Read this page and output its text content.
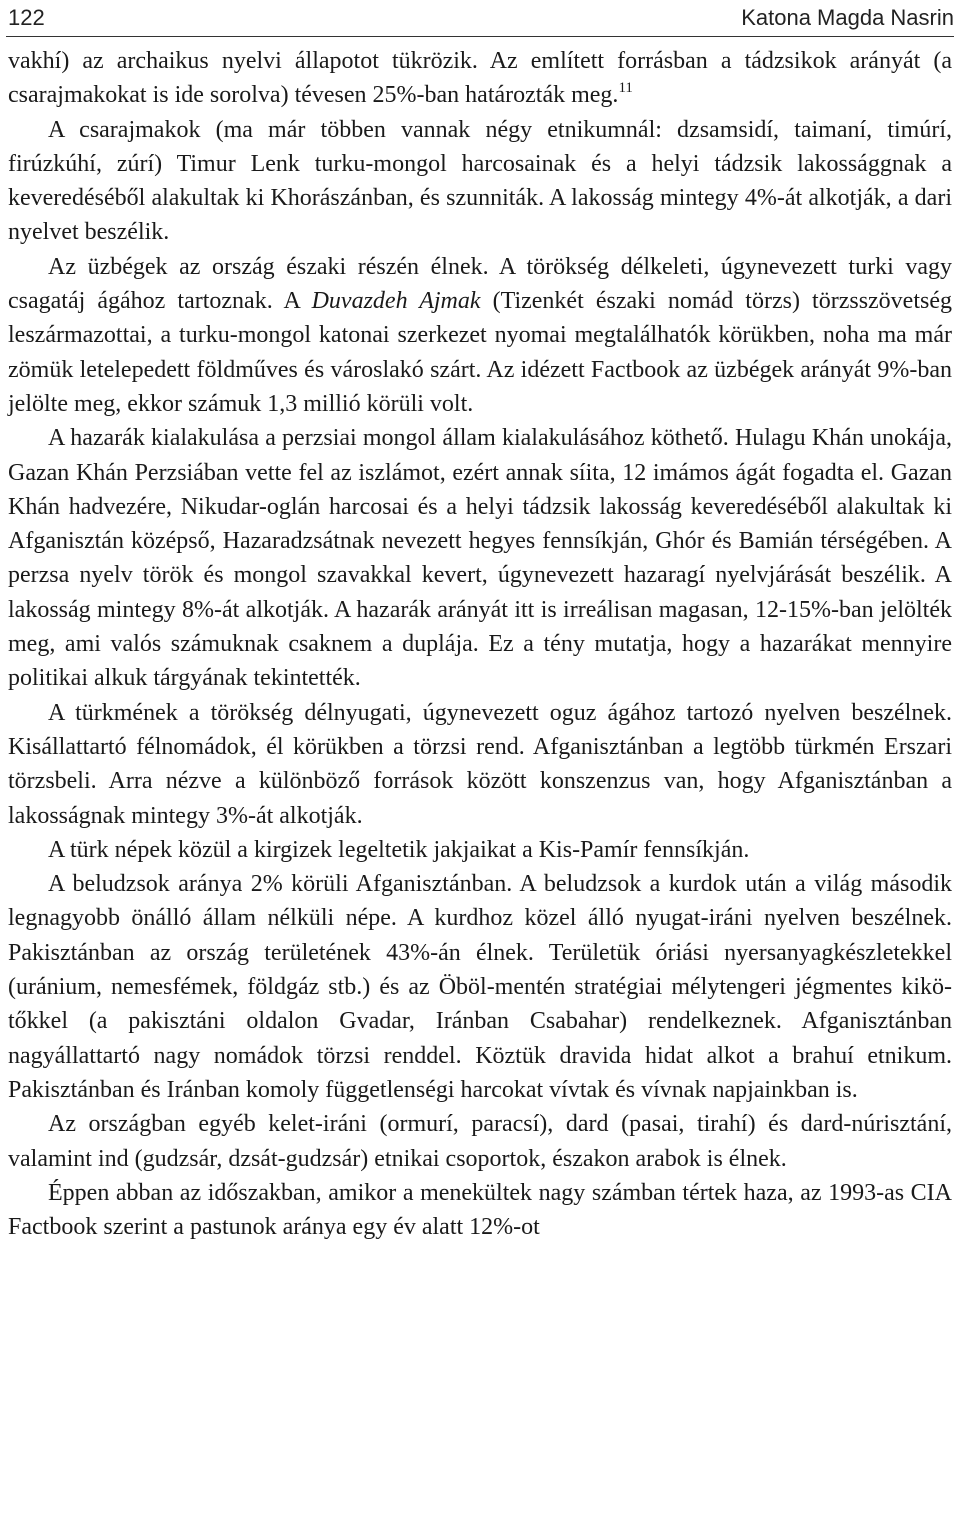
122	Katona Magda Nasrin

vakhí) az archaikus nyelvi állapotot tükrözik. Az említett forrásban a tádzsikok arányát (a csarajmakokat is ide sorolva) tévesen 25%-ban határozták meg.$^{11}$

A csarajmakok (ma már többen vannak négy etnikumnál: dzsamsidí, taimaní, timúrí, firúzkúhí, zúrí) Timur Lenk turku-mongol harcosainak és a helyi tádzsik lakossággnak a keveredéséből alakultak ki Khorászánban, és szunniták. A lakosság mintegy 4%-át alkotják, a dari nyelvet beszélik.

Az üzbégek az ország északi részén élnek. A törökség délkeleti, úgynevezett turki vagy csagatáj ágához tartoznak. A Duvazdeh Ajmak (Tizenkét északi nomád törzs) törzsszövetség leszármazottai, a turku-mongol katonai szerkezet nyomai megtalálhatók körükben, noha ma már zömük letelepedett földműves és városlakó szárt. Az idézett Factbook az üzbégek arányát 9%-ban jelölte meg, ekkor számuk 1,3 millió körüli volt.

A hazarák kialakulása a perzsiai mongol állam kialakulásához köthető. Hulagu Khán unokája, Gazan Khán Perzsiában vette fel az iszlámot, ezért annak síita, 12 imámos ágát fogadta el. Gazan Khán hadvezére, Nikudar-oglán harcosai és a helyi tádzsik lakosság keveredéséből alakultak ki Afganisztán középső, Hazaradzsátnak nevezett hegyes fennsíkján, Ghór és Bamián térségében. A perzsa nyelv török és mongol szavakkal kevert, úgynevezett hazaragí nyelvjárását beszélik. A lakosság mintegy 8%-át alkotják. A hazarák arányát itt is irreálisan magasan, 12-15%-ban jelölték meg, ami valós számuknak csaknem a duplája. Ez a tény mutatja, hogy a hazarákat mennyire politikai alkuk tárgyának tekintették.

A türkmének a törökség délnyugati, úgynevezett oguz ágához tartozó nyelven beszélnek. Kisállattartó félnomádok, él körükben a törzsi rend. Afganisztánban a legtöbb türkmén Erszari törzsbeli. Arra nézve a különböző források között konszenzus van, hogy Afganisztánban a lakosságnak mintegy 3%-át alkotják.

A türk népek közül a kirgizek legeltetik jakjaikat a Kis-Pamír fennsíkján.

A beludzsok aránya 2% körüli Afganisztánban. A beludzsok a kurdok után a világ második legnagyobb önálló állam nélküli népe. A kurdhoz közel álló nyugat-iráni nyelven beszélnek. Pakisztánban az ország területének 43%-án élnek. Területük óriási nyersanyagkészletekkel (uránium, nemesfémek, földgáz stb.) és az Öböl-mentén stratégiai mélytengeri jégmentes kikötőkkel (a pakisztáni oldalon Gvadar, Iránban Csabahar) rendelkeznek. Afganisztánban nagyállattartó nagy nomádok törzsi renddel. Köztük dravida hidat alkot a brahuí etnikum. Pakisztánban és Iránban komoly függetlenségi harcokat vívtak és vívnak napjainkban is.

Az országban egyéb kelet-iráni (ormurí, paracsí), dard (pasai, tirahí) és dard-núrisztání, valamint ind (gudzsár, dzsát-gudzsár) etnikai csoportok, északon arabok is élnek.

Éppen abban az időszakban, amikor a menekültek nagy számban tértek haza, az 1993-as CIA Factbook szerint a pastunok aránya egy év alatt 12%-ot
